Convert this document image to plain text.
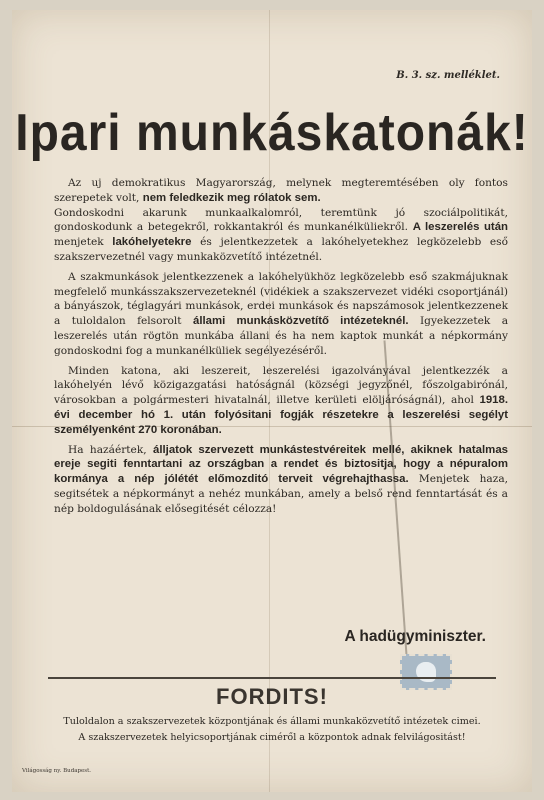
B. 3. sz. melléklet.
Ipari munkáskatonák!

Az uj demokratikus Magyarország, melynek megteremtésében oly fontos szerepetek volt, nem feledkezik meg rólatok sem.
Gondoskodni akarunk munkaalkalomról, teremtünk jó szociálpolitikát, gondoskodunk a betegekről, rokkantakról és munkanélküliekről. A leszerelés után menjetek lakóhelyetekre és jelentkezzetek a lakóhelyetekhez legközelebb eső szakszervezetnél vagy munkaközvetítő intézetnél.

A szakmunkások jelentkezzenek a lakóhelyükhöz legközelebb eső szakmájuknak megfelelő munkásszakszervezeteknél (vidékiek a szakszervezet vidéki csoportjánál) a bányászok, téglagyári munkások, erdei munkások és napszámosok jelentkezzenek a tuloldalon felsorolt állami munkásközvetítő intézeteknél. Igyekezzetek a leszerelés után rögtön munkába állani és ha nem kaptok munkát a népkormány gondoskodni fog a munkanélküliek segélyezéséről.

Minden katona, aki leszereit, leszerelési igazolványával jelentkezzék a lakóhelyén lévő közigazgatási hatóságnál (községi jegyzőnél, főszolgabirónál, városokban a polgármesteri hivatalnál, illetve kerületi elöljáróságnál), ahol 1918. évi december hó 1. után folyósitani fogják részetekre a leszerelési segélyt személyenként 270 koronában.

Ha hazáértek, álljatok szervezett munkástestvéreitek mellé, akiknek hatalmas ereje segiti fenntartani az országban a rendet és biztositja, hogy a népuralom kormánya a nép jólétét előmozditó terveit végrehajthassa. Menjetek haza, segitsétek a népkormányt a nehéz munkában, amely a belső rend fenntartását és a nép boldogulásának elősegitését célozza!

A hadügyminiszter.
FORDITS!
Tuloldalon a szakszervezetek központjának és állami munkaközvetítő intézetek cimei.
A szakszervezetek helyicsoportjának ciméről a központok adnak felvilágositást!
Világosság ny. Budapest.
